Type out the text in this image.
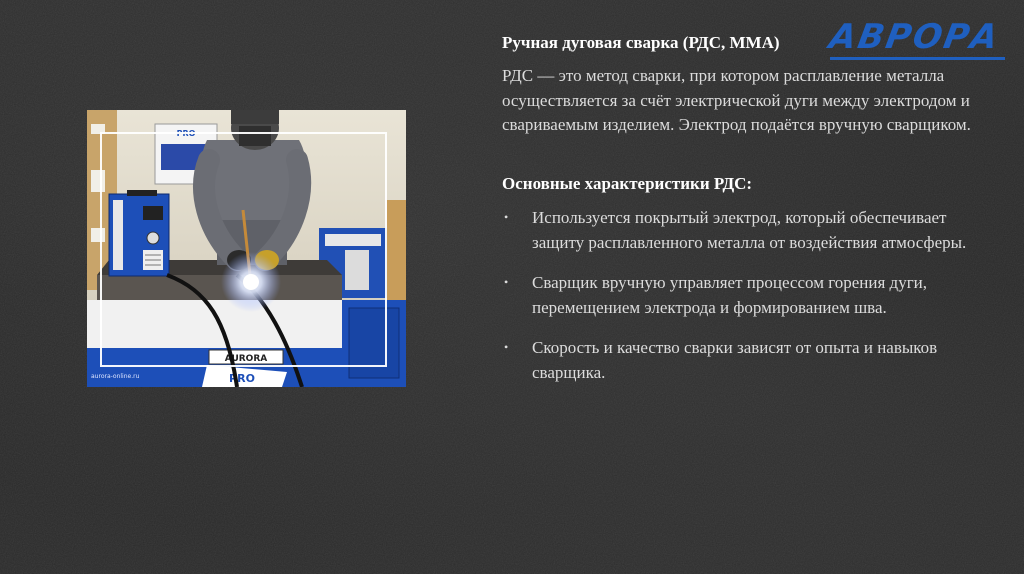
АВРОРА
PRO
PRO
AURORA
aurora-online.ru
Ручная дуговая сварка (РДС, ММА)

РДС — это метод сварки, при котором расплавление металла осуществляется за счёт электрической дуги между электродом и свариваемым изделием. Электрод подаётся вручную сварщиком.

Основные характеристики РДС:
• Используется покрытый электрод, который обеспечивает защиту расплавленного металла от воздействия атмосферы.
• Сварщик вручную управляет процессом горения дуги, перемещением электрода и формированием шва.
• Скорость и качество сварки зависят от опыта и навыков сварщика.
